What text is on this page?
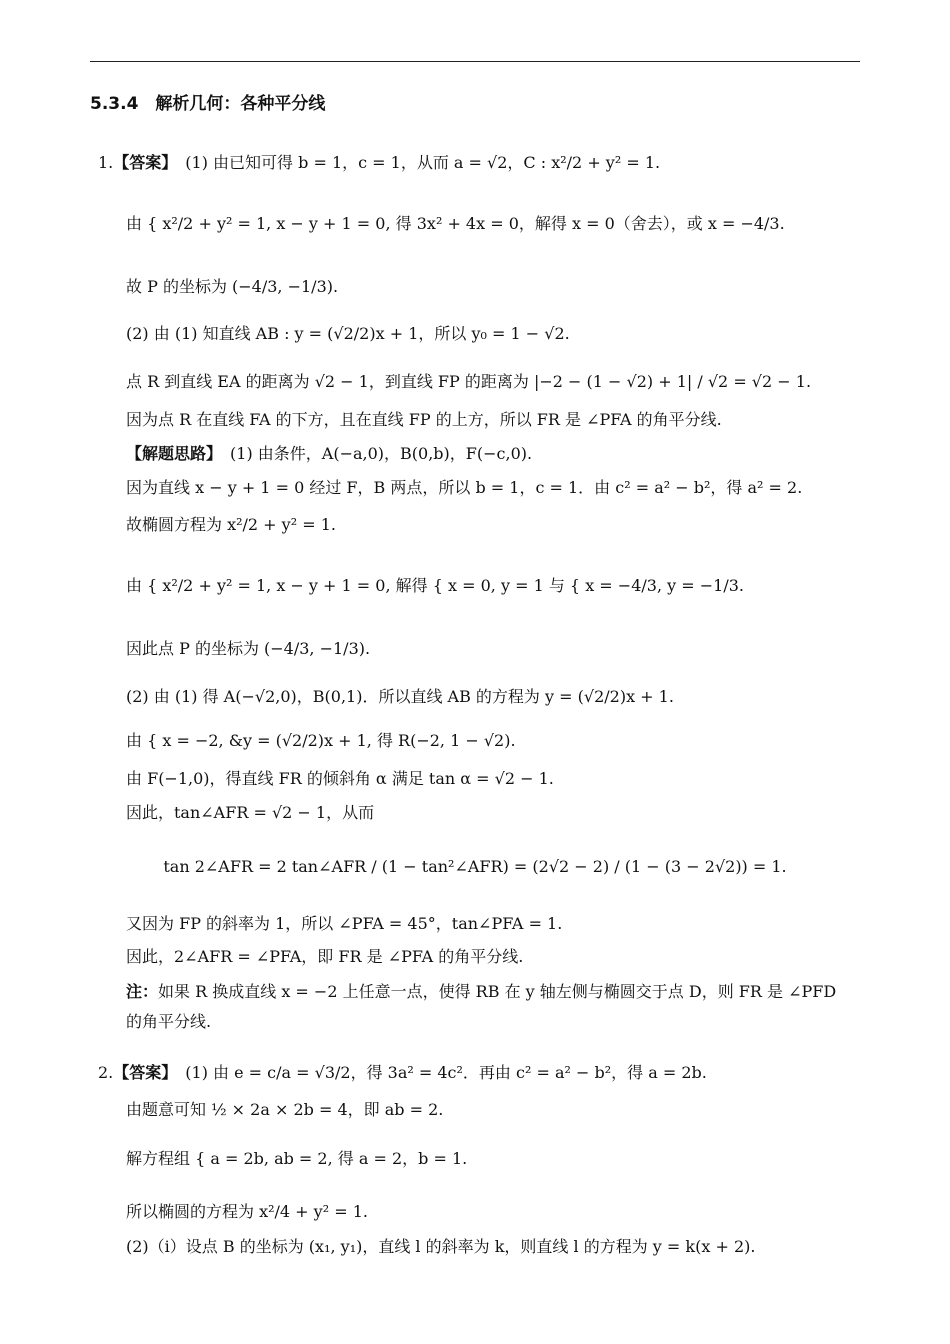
5.3.4　解析几何：各种平分线
1.【答案】　(1) 由已知可得 b = 1，c = 1，从而 a = √2，C : x²/2 + y² = 1.
由 { x²/2 + y² = 1, x − y + 1 = 0, 得 3x² + 4x = 0，解得 x = 0（舍去），或 x = −4/3.
故 P 的坐标为 (−4/3, −1/3).
(2) 由 (1) 知直线 AB : y = (√2/2)x + 1，所以 y₀ = 1 − √2.
点 R 到直线 EA 的距离为 √2 − 1，到直线 FP 的距离为 |−2 − (1 − √2) + 1| / √2 = √2 − 1.
因为点 R 在直线 FA 的下方，且在直线 FP 的上方，所以 FR 是 ∠PFA 的角平分线.
【解题思路】　(1) 由条件，A(−a,0)，B(0,b)，F(−c,0).
因为直线 x − y + 1 = 0 经过 F，B 两点，所以 b = 1，c = 1．由 c² = a² − b²，得 a² = 2.
故椭圆方程为 x²/2 + y² = 1.
由 { x²/2 + y² = 1, x − y + 1 = 0, 解得 { x = 0, y = 1 与 { x = −4/3, y = −1/3.
因此点 P 的坐标为 (−4/3, −1/3).
(2) 由 (1) 得 A(−√2,0)，B(0,1)．所以直线 AB 的方程为 y = (√2/2)x + 1.
由 { x = −2, &y = (√2/2)x + 1, 得 R(−2, 1 − √2).
由 F(−1,0)，得直线 FR 的倾斜角 α 满足 tan α = √2 − 1.
因此，tan∠AFR = √2 − 1，从而
tan 2∠AFR = 2 tan∠AFR / (1 − tan²∠AFR) = (2√2 − 2) / (1 − (3 − 2√2)) = 1.
又因为 FP 的斜率为 1，所以 ∠PFA = 45°，tan∠PFA = 1.
因此，2∠AFR = ∠PFA，即 FR 是 ∠PFA 的角平分线.
注：如果 R 换成直线 x = −2 上任意一点，使得 RB 在 y 轴左侧与椭圆交于点 D，则 FR 是 ∠PFD
的角平分线.
2.【答案】　(1) 由 e = c/a = √3/2，得 3a² = 4c²．再由 c² = a² − b²，得 a = 2b.
由题意可知 ½ × 2a × 2b = 4，即 ab = 2.
解方程组 { a = 2b, ab = 2, 得 a = 2，b = 1.
所以椭圆的方程为 x²/4 + y² = 1.
(2)（ⅰ）设点 B 的坐标为 (x₁, y₁)，直线 l 的斜率为 k，则直线 l 的方程为 y = k(x + 2).
